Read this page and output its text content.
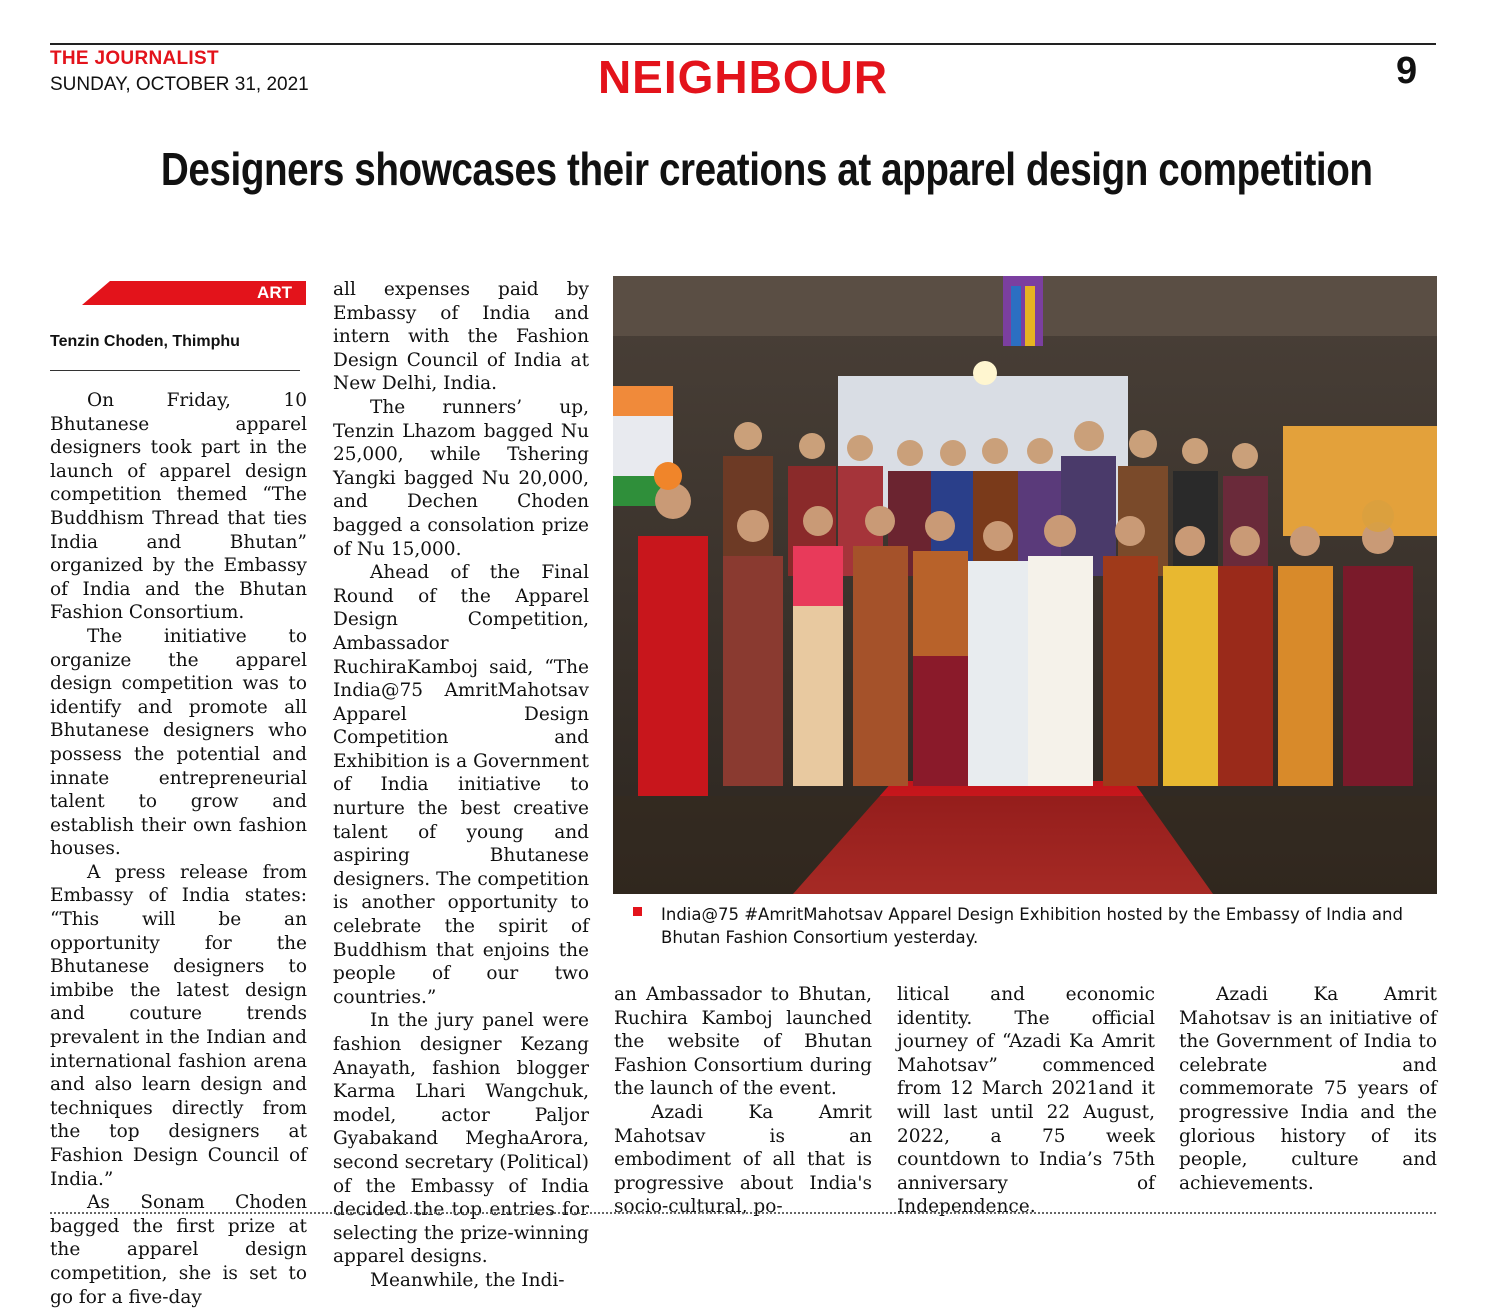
THE JOURNALIST
SUNDAY, OCTOBER 31, 2021	NEIGHBOUR	9
Designers showcases their creations at apparel design competition
ART
Tenzin Choden, Thimphu

On Friday, 10 Bhutanese apparel designers took part in the launch of apparel design competition themed “The Buddhism Thread that ties India and Bhutan” organized by the Embassy of India and the Bhutan Fashion Consortium.

The initiative to organize the apparel design competition was to identify and promote all Bhutanese designers who possess the potential and innate entrepreneurial talent to grow and establish their own fashion houses.

A press release from Embassy of India states: “This will be an opportunity for the Bhutanese designers to imbibe the latest design and couture trends prevalent in the Indian and international fashion arena and also learn design and techniques directly from the top designers at Fashion Design Council of India.”

As Sonam Choden bagged the first prize at the apparel design competition, she is set to go for a five-day

all expenses paid by Embassy of India and intern with the Fashion Design Council of India at New Delhi, India.

The runners’ up, Tenzin Lhazom bagged Nu 25,000, while Tshering Yangki bagged Nu 20,000, and Dechen Choden bagged a consolation prize of Nu 15,000.

Ahead of the Final Round of the Apparel Design Competition, Ambassador RuchiraKamboj said, “The India@75 AmritMahotsav Apparel Design Competition and Exhibition is a Government of India initiative to nurture the best creative talent of young and aspiring Bhutanese designers. The competition is another opportunity to celebrate the spirit of Buddhism that enjoins the people of our two countries.”

In the jury panel were fashion designer Kezang Anayath, fashion blogger Karma Lhari Wangchuk, model, actor Paljor Gyabakand MeghaArora, second secretary (Political) of the Embassy of India decided the top entries for selecting the prize-winning apparel designs.

Meanwhile, the Indi-

India@75 #AmritMahotsav Apparel Design Exhibition hosted by the Embassy of India and Bhutan Fashion Consortium yesterday.

an Ambassador to Bhutan, Ruchira Kamboj launched the website of Bhutan Fashion Consortium during the launch of the event.

Azadi Ka Amrit Mahotsav is an embodiment of all that is progressive about India's socio-cultural, po-

litical and economic identity. The official journey of “Azadi Ka Amrit Mahotsav” commenced from 12 March 2021and it will last until 22 August, 2022, a 75 week countdown to India’s 75th anniversary of Independence.

Azadi Ka Amrit Mahotsav is an initiative of the Government of India to celebrate and commemorate 75 years of progressive India and the glorious history of its people, culture and achievements.
